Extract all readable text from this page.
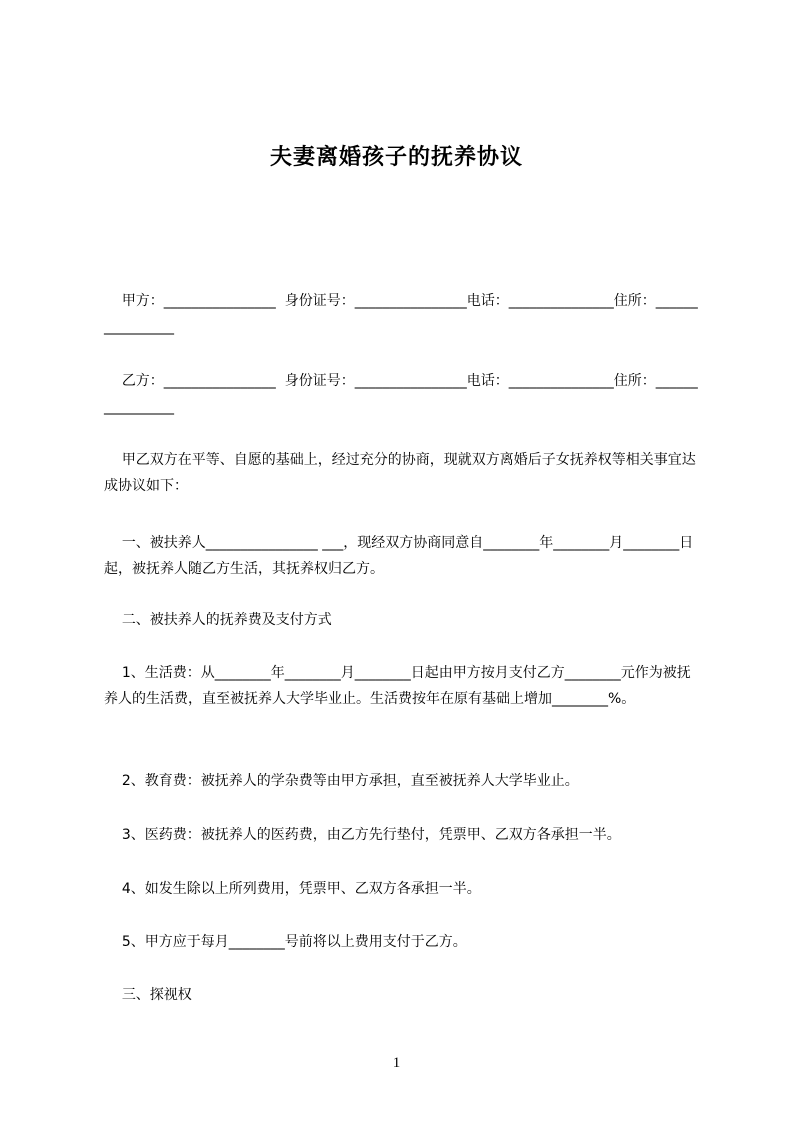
夫妻离婚孩子的抚养协议
甲方：________________  身份证号：________________电话：_______________住所：________________
乙方：________________  身份证号：________________电话：_______________住所：________________
甲乙双方在平等、自愿的基础上，经过充分的协商，现就双方离婚后子女抚养权等相关事宜达成协议如下：
一、被扶养人________________ ___，现经双方协商同意自________年________月________日起，被抚养人随乙方生活，其抚养权归乙方。
二、被扶养人的抚养费及支付方式
1、生活费：从________年________月________日起由甲方按月支付乙方________元作为被抚养人的生活费，直至被抚养人大学毕业止。生活费按年在原有基础上增加________%。
2、教育费：被抚养人的学杂费等由甲方承担，直至被抚养人大学毕业止。
3、医药费：被抚养人的医药费，由乙方先行垫付，凭票甲、乙双方各承担一半。
4、如发生除以上所列费用，凭票甲、乙双方各承担一半。
5、甲方应于每月________号前将以上费用支付于乙方。
三、探视权
1
